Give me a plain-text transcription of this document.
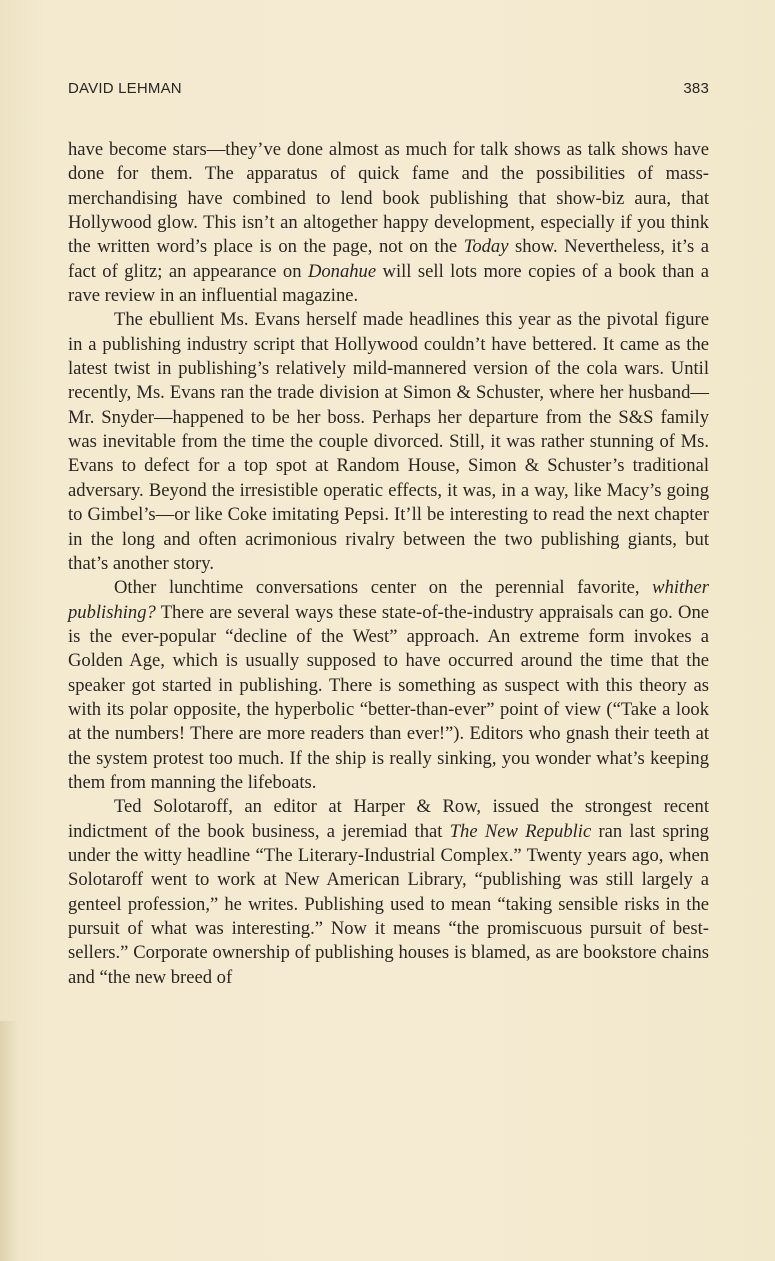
DAVID LEHMAN	383

have become stars—they’ve done almost as much for talk shows as talk shows have done for them. The apparatus of quick fame and the possibilities of mass-merchandising have combined to lend book publishing that show-biz aura, that Hollywood glow. This isn’t an altogether happy development, especially if you think the written word’s place is on the page, not on the Today show. Nevertheless, it’s a fact of glitz; an appearance on Donahue will sell lots more copies of a book than a rave review in an influential magazine.

The ebullient Ms. Evans herself made headlines this year as the pivotal figure in a publishing industry script that Hollywood couldn’t have bettered. It came as the latest twist in publishing’s relatively mild-mannered version of the cola wars. Until recently, Ms. Evans ran the trade division at Simon & Schuster, where her husband— Mr. Snyder—happened to be her boss. Perhaps her departure from the S&S family was inevitable from the time the couple divorced. Still, it was rather stunning of Ms. Evans to defect for a top spot at Random House, Simon & Schuster’s traditional adversary. Beyond the irresistible operatic effects, it was, in a way, like Macy’s going to Gimbel’s—or like Coke imitating Pepsi. It’ll be interesting to read the next chapter in the long and often acrimonious rivalry between the two publishing giants, but that’s another story.

Other lunchtime conversations center on the perennial favorite, whither publishing? There are several ways these state-of-the-industry appraisals can go. One is the ever-popular “decline of the West” approach. An extreme form invokes a Golden Age, which is usually supposed to have occurred around the time that the speaker got started in publishing. There is something as suspect with this theory as with its polar opposite, the hyperbolic “better-than-ever” point of view (“Take a look at the numbers! There are more readers than ever!”). Editors who gnash their teeth at the system protest too much. If the ship is really sinking, you wonder what’s keeping them from manning the lifeboats.

Ted Solotaroff, an editor at Harper & Row, issued the strongest recent indictment of the book business, a jeremiad that The New Republic ran last spring under the witty headline “The Literary-Industrial Complex.” Twenty years ago, when Solotaroff went to work at New American Library, “publishing was still largely a genteel profession,” he writes. Publishing used to mean “taking sensible risks in the pursuit of what was interesting.” Now it means “the promiscuous pursuit of best-sellers.” Corporate ownership of publishing houses is blamed, as are bookstore chains and “the new breed of
